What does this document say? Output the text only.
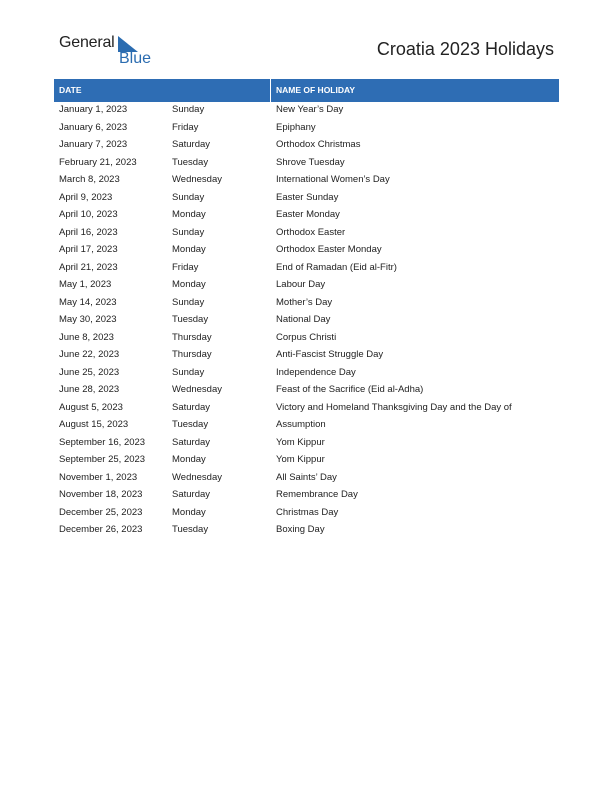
General
Blue	Croatia 2023 Holidays
DATE	NAME OF HOLIDAY
January 1, 2023	Sunday	New Year’s Day
January 6, 2023	Friday	Epiphany
January 7, 2023	Saturday	Orthodox Christmas
February 21, 2023	Tuesday	Shrove Tuesday
March 8, 2023	Wednesday	International Women’s Day
April 9, 2023	Sunday	Easter Sunday
April 10, 2023	Monday	Easter Monday
April 16, 2023	Sunday	Orthodox Easter
April 17, 2023	Monday	Orthodox Easter Monday
April 21, 2023	Friday	End of Ramadan (Eid al-Fitr)
May 1, 2023	Monday	Labour Day
May 14, 2023	Sunday	Mother’s Day
May 30, 2023	Tuesday	National Day
June 8, 2023	Thursday	Corpus Christi
June 22, 2023	Thursday	Anti-Fascist Struggle Day
June 25, 2023	Sunday	Independence Day
June 28, 2023	Wednesday	Feast of the Sacrifice (Eid al-Adha)
August 5, 2023	Saturday	Victory and Homeland Thanksgiving Day and the Day of
August 15, 2023	Tuesday	Assumption
September 16, 2023	Saturday	Yom Kippur
September 25, 2023	Monday	Yom Kippur
November 1, 2023	Wednesday	All Saints’ Day
November 18, 2023	Saturday	Remembrance Day
December 25, 2023	Monday	Christmas Day
December 26, 2023	Tuesday	Boxing Day
